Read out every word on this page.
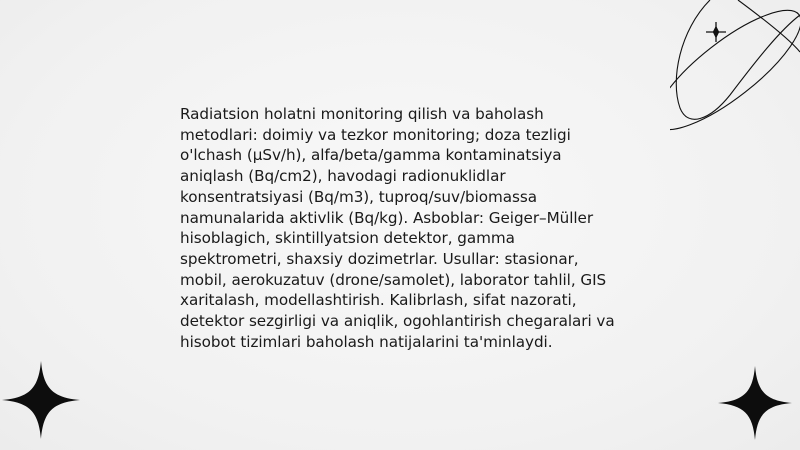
Radiatsion holatni monitoring qilish va baholash metodlari: doimiy va tezkor monitoring; doza tezligi o'lchash (µSv/h), alfa/beta/gamma kontaminatsiya aniqlash (Bq/cm2), havodagi radionuklidlar konsentratsiyasi (Bq/m3), tuproq/suv/biomassa namunalarida aktivlik (Bq/kg). Asboblar: Geiger–Müller hisoblagich, skintillyatsion detektor, gamma spektrometri, shaxsiy dozimetrlar. Usullar: stasionar, mobil, aerokuzatuv (drone/samolet), laborator tahlil, GIS xaritalash, modellashtirish. Kalibrlash, sifat nazorati, detektor sezgirligi va aniqlik, ogohlantirish chegaralari va hisobot tizimlari baholash natijalarini ta'minlaydi.
